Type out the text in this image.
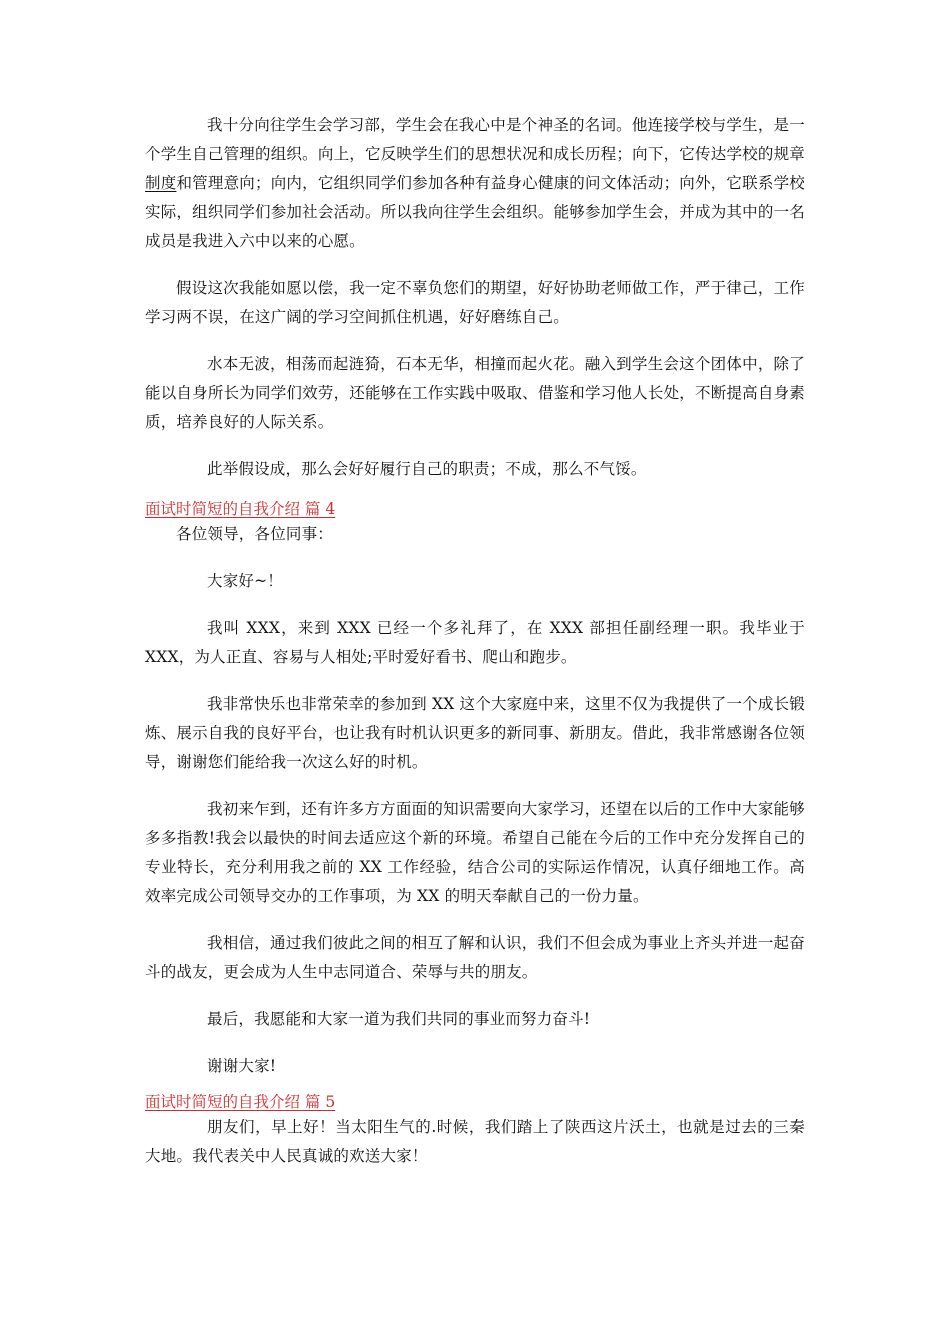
我十分向往学生会学习部，学生会在我心中是个神圣的名词。他连接学校与学生，是一个学生自己管理的组织。向上，它反映学生们的思想状况和成长历程；向下，它传达学校的规章制度和管理意向；向内，它组织同学们参加各种有益身心健康的问文体活动；向外，它联系学校实际，组织同学们参加社会活动。所以我向往学生会组织。能够参加学生会，并成为其中的一名成员是我进入六中以来的心愿。

假设这次我能如愿以偿，我一定不辜负您们的期望，好好协助老师做工作，严于律己，工作学习两不误，在这广阔的学习空间抓住机遇，好好磨练自己。

水本无波，相荡而起涟猗，石本无华，相撞而起火花。融入到学生会这个团体中，除了能以自身所长为同学们效劳，还能够在工作实践中吸取、借鉴和学习他人长处，不断提高自身素质，培养良好的人际关系。

此举假设成，那么会好好履行自己的职责；不成，那么不气馁。

面试时简短的自我介绍 篇 4

各位领导，各位同事：

大家好~！

我叫 XXX，来到 XXX 已经一个多礼拜了，在 XXX 部担任副经理一职。我毕业于 XXX，为人正直、容易与人相处;平时爱好看书、爬山和跑步。

我非常快乐也非常荣幸的参加到 XX 这个大家庭中来，这里不仅为我提供了一个成长锻炼、展示自我的良好平台，也让我有时机认识更多的新同事、新朋友。借此，我非常感谢各位领导，谢谢您们能给我一次这么好的时机。

我初来乍到，还有许多方方面面的知识需要向大家学习，还望在以后的工作中大家能够多多指教!我会以最快的时间去适应这个新的环境。希望自己能在今后的工作中充分发挥自己的专业特长，充分利用我之前的 XX 工作经验，结合公司的实际运作情况，认真仔细地工作。高效率完成公司领导交办的工作事项，为 XX 的明天奉献自己的一份力量。

我相信，通过我们彼此之间的相互了解和认识，我们不但会成为事业上齐头并进一起奋斗的战友，更会成为人生中志同道合、荣辱与共的朋友。

最后，我愿能和大家一道为我们共同的事业而努力奋斗!

谢谢大家!

面试时简短的自我介绍 篇 5

朋友们，早上好！当太阳生气的.时候，我们踏上了陕西这片沃土，也就是过去的三秦大地。我代表关中人民真诚的欢送大家！
